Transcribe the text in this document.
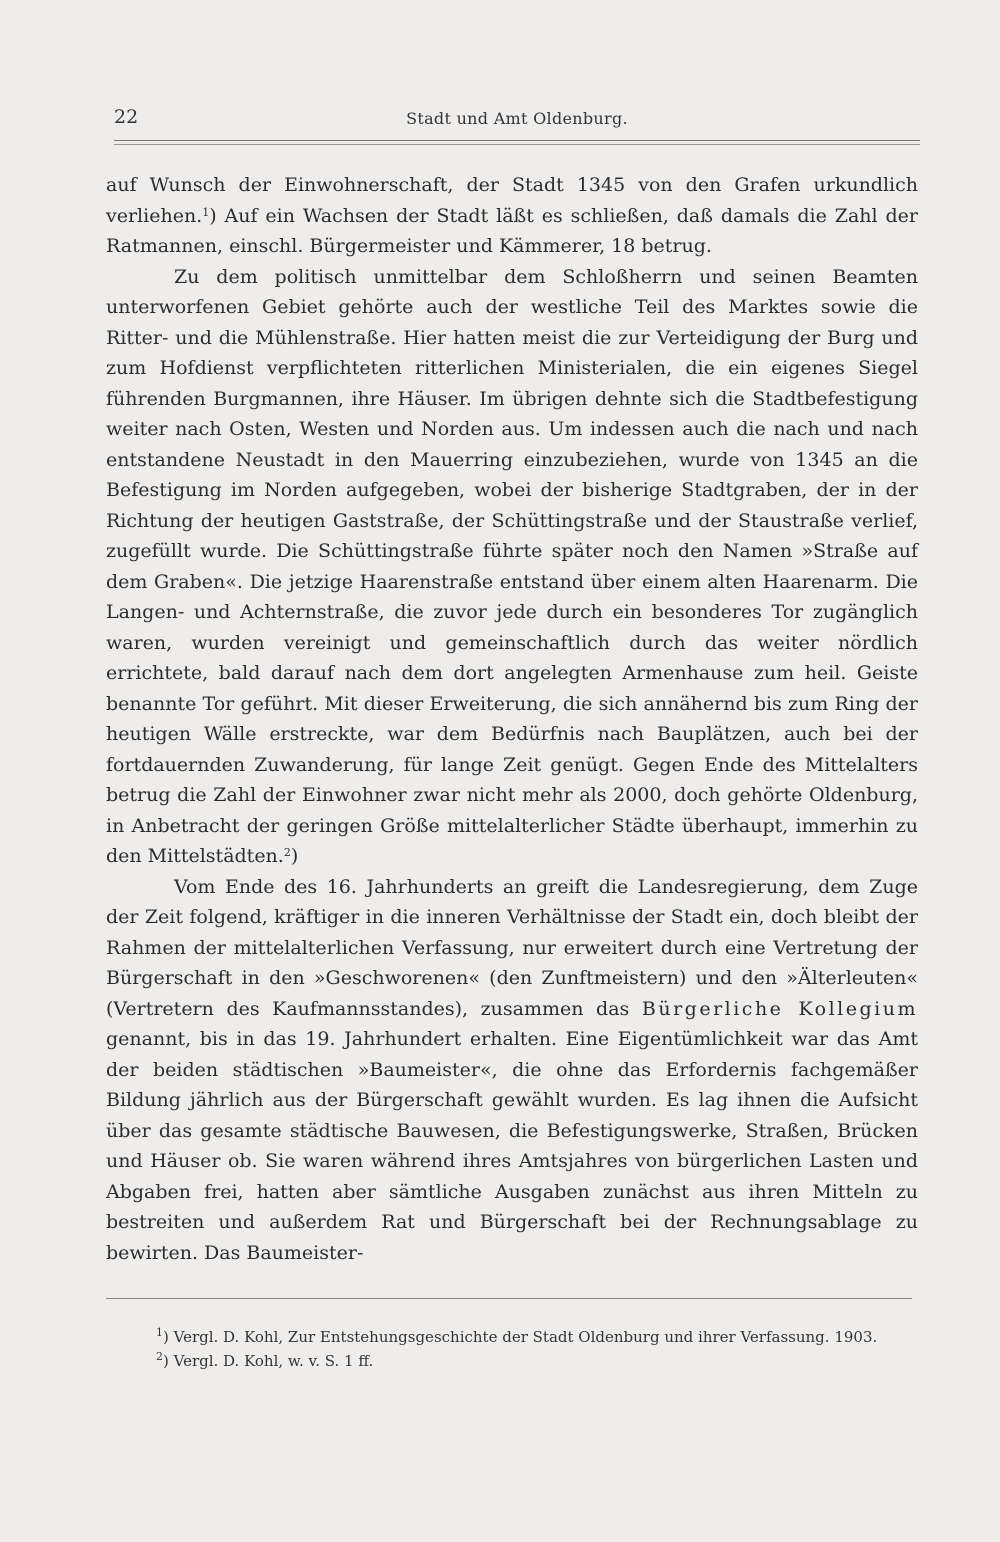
22	Stadt und Amt Oldenburg.

auf Wunsch der Einwohnerschaft, der Stadt 1345 von den Grafen urkundlich verliehen.$^1$) Auf ein Wachsen der Stadt läßt es schließen, daß damals die Zahl der Ratmannen, einschl. Bürgermeister und Kämmerer, 18 betrug.

Zu dem politisch unmittelbar dem Schloßherrn und seinen Beamten unterworfenen Gebiet gehörte auch der westliche Teil des Marktes sowie die Ritter- und die Mühlenstraße. Hier hatten meist die zur Verteidigung der Burg und zum Hofdienst verpflichteten ritterlichen Ministerialen, die ein eigenes Siegel führenden Burgmannen, ihre Häuser. Im übrigen dehnte sich die Stadtbefestigung weiter nach Osten, Westen und Norden aus. Um indessen auch die nach und nach entstandene Neustadt in den Mauerring einzubeziehen, wurde von 1345 an die Befestigung im Norden aufgegeben, wobei der bisherige Stadtgraben, der in der Richtung der heutigen Gaststraße, der Schüttingstraße und der Staustraße verlief, zugefüllt wurde. Die Schüttingstraße führte später noch den Namen »Straße auf dem Graben«. Die jetzige Haarenstraße entstand über einem alten Haarenarm. Die Langen- und Achternstraße, die zuvor jede durch ein besonderes Tor zugänglich waren, wurden vereinigt und gemeinschaftlich durch das weiter nördlich errichtete, bald darauf nach dem dort angelegten Armenhause zum heil. Geiste benannte Tor geführt. Mit dieser Erweiterung, die sich annähernd bis zum Ring der heutigen Wälle erstreckte, war dem Bedürfnis nach Bauplätzen, auch bei der fortdauernden Zuwanderung, für lange Zeit genügt. Gegen Ende des Mittelalters betrug die Zahl der Einwohner zwar nicht mehr als 2000, doch gehörte Oldenburg, in Anbetracht der geringen Größe mittelalterlicher Städte überhaupt, immerhin zu den Mittelstädten.$^2$)

Vom Ende des 16. Jahrhunderts an greift die Landesregierung, dem Zuge der Zeit folgend, kräftiger in die inneren Verhältnisse der Stadt ein, doch bleibt der Rahmen der mittelalterlichen Verfassung, nur erweitert durch eine Vertretung der Bürgerschaft in den »Geschworenen« (den Zunftmeistern) und den »Älterleuten« (Vertretern des Kaufmannsstandes), zusammen das Bürgerliche Kollegium genannt, bis in das 19. Jahrhundert erhalten. Eine Eigentümlichkeit war das Amt der beiden städtischen »Baumeister«, die ohne das Erfordernis fachgemäßer Bildung jährlich aus der Bürgerschaft gewählt wurden. Es lag ihnen die Aufsicht über das gesamte städtische Bauwesen, die Befestigungswerke, Straßen, Brücken und Häuser ob. Sie waren während ihres Amtsjahres von bürgerlichen Lasten und Abgaben frei, hatten aber sämtliche Ausgaben zunächst aus ihren Mitteln zu bestreiten und außerdem Rat und Bürgerschaft bei der Rechnungsablage zu bewirten. Das Baumeister-

$^1$) Vergl. D. Kohl, Zur Entstehungsgeschichte der Stadt Oldenburg und ihrer Verfassung. 1903.

$^2$) Vergl. D. Kohl, w. v. S. 1 ff.
